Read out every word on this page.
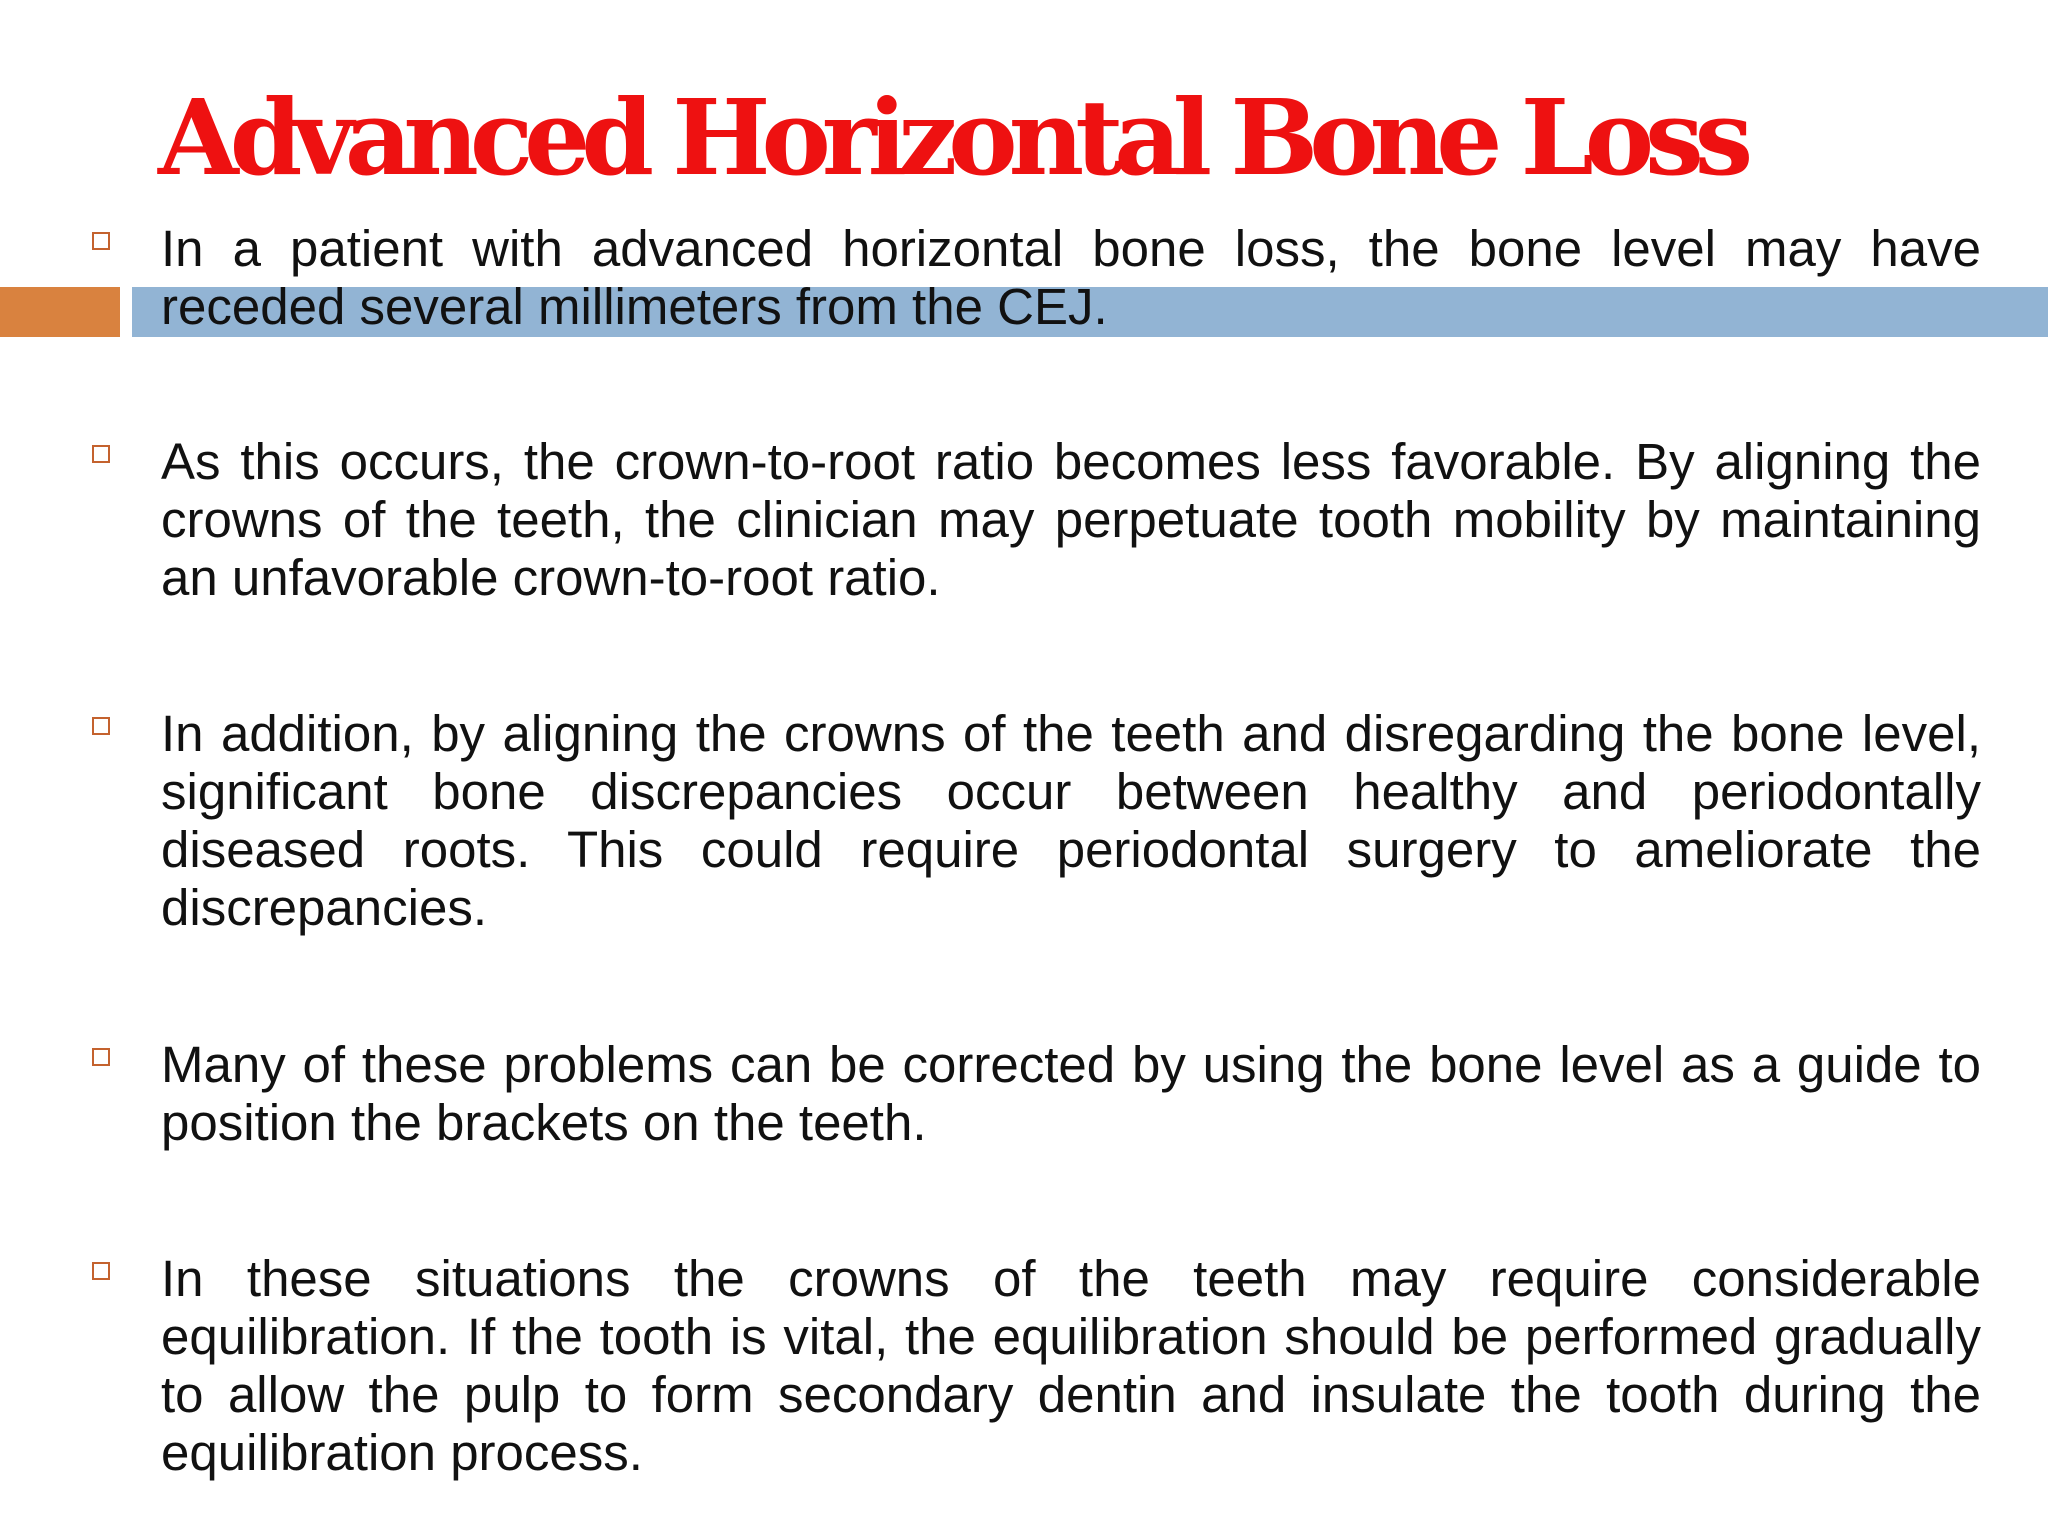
Advanced Horizontal Bone Loss

In a patient with advanced horizontal bone loss, the bone level may have receded several millimeters from the CEJ.

As this occurs, the crown-to-root ratio becomes less favorable. By aligning the crowns of the teeth, the clinician may perpetuate tooth mobility by maintaining an unfavorable crown-to-root ratio.

In addition, by aligning the crowns of the teeth and disregarding the bone level, significant bone discrepancies occur between healthy and periodontally diseased roots. This could require periodontal surgery to ameliorate the discrepancies.

Many of these problems can be corrected by using the bone level as a guide to position the brackets on the teeth.

In these situations the crowns of the teeth may require considerable equilibration. If the tooth is vital, the equilibration should be performed gradually to allow the pulp to form secondary dentin and insulate the tooth during the equilibration process.
